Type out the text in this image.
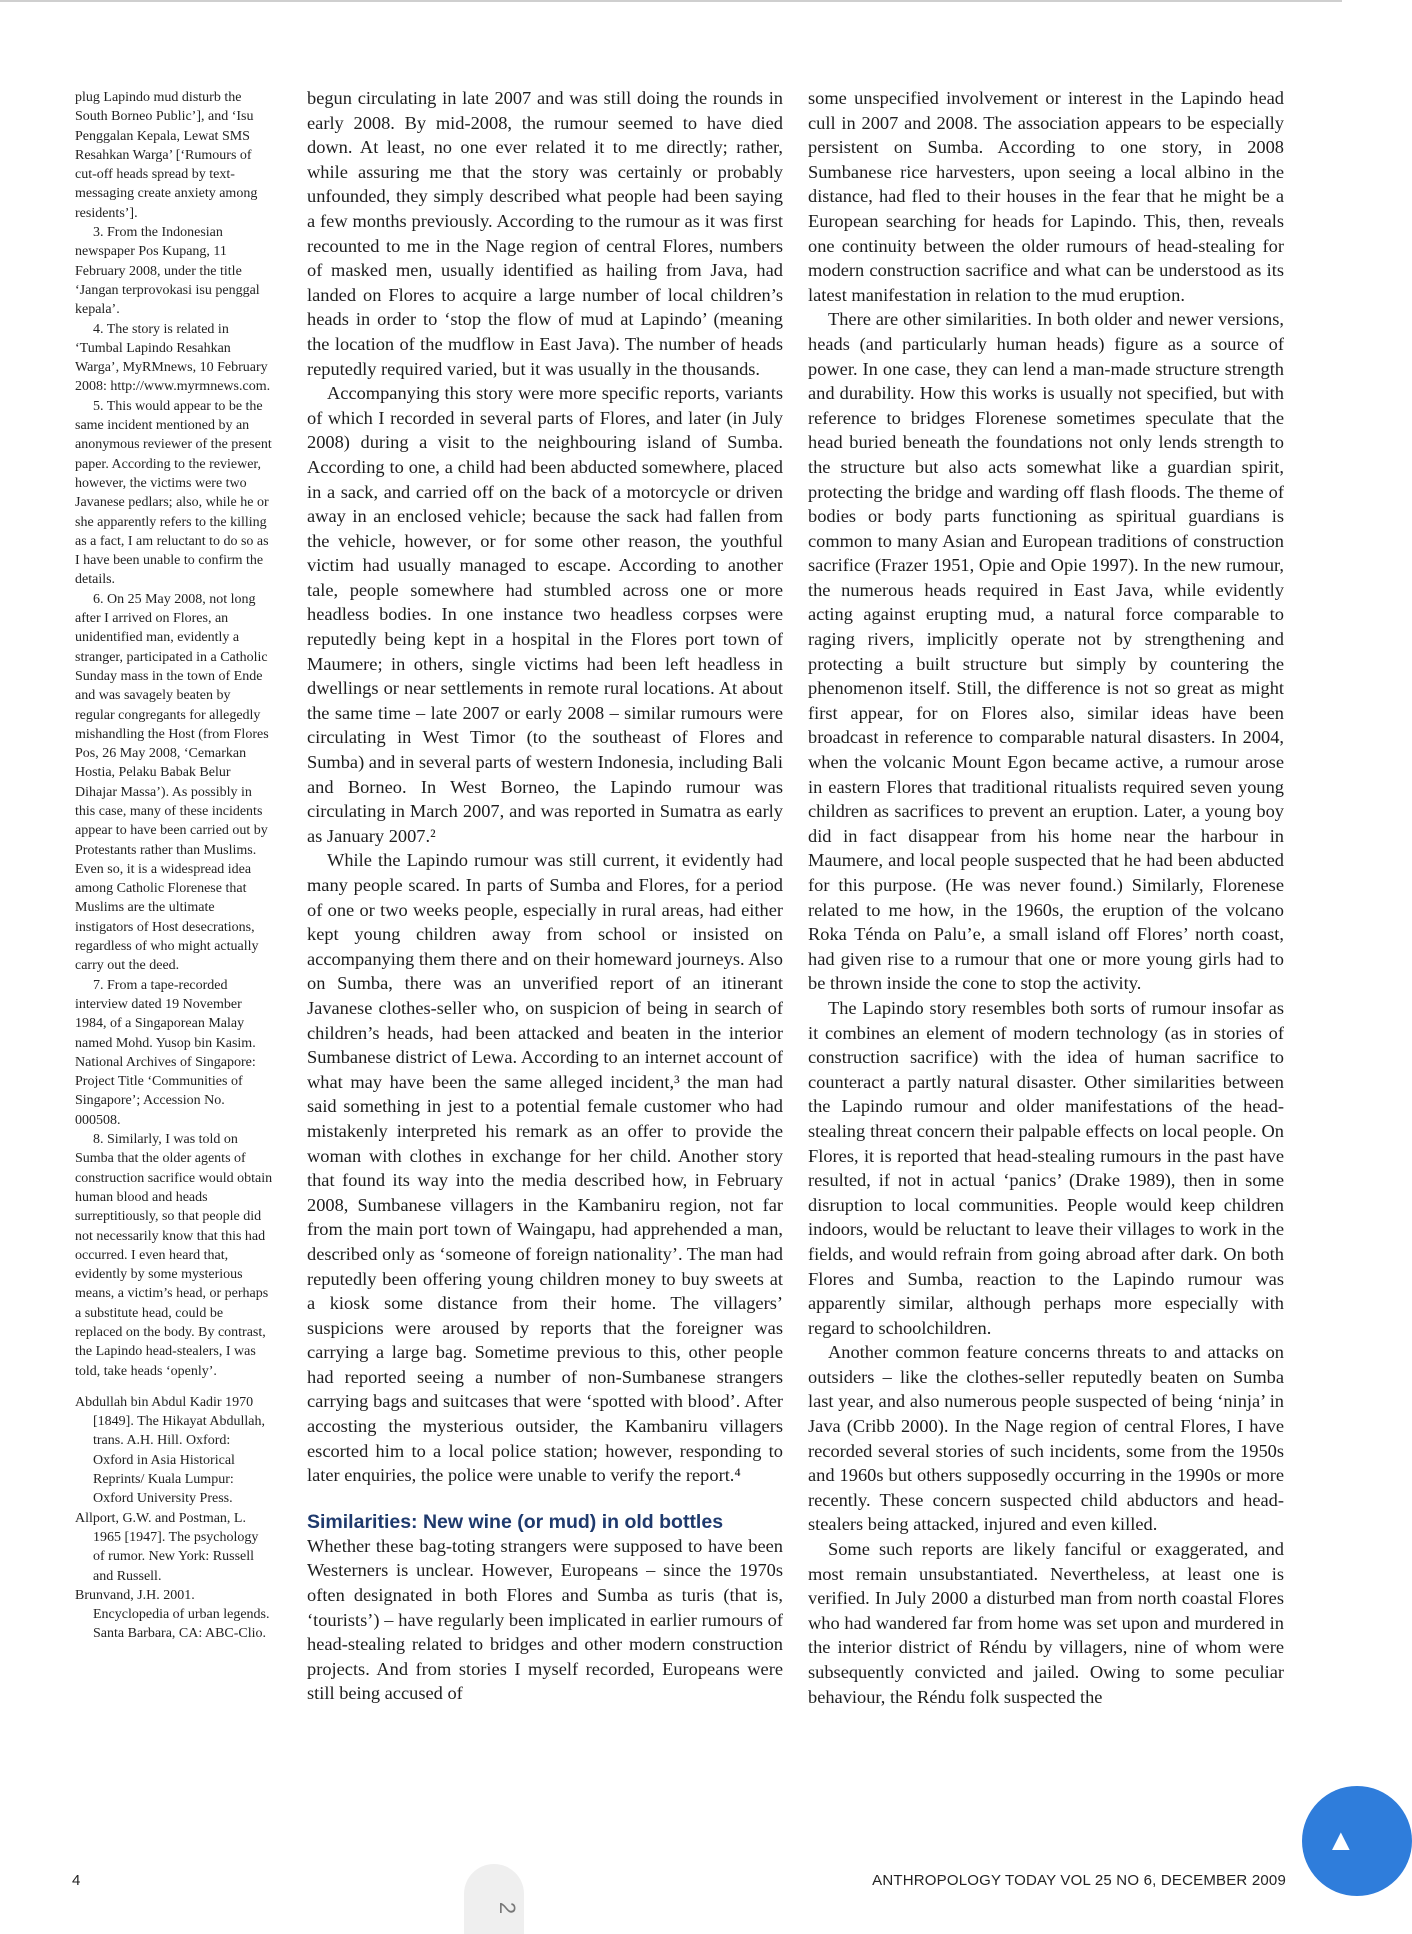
plug Lapindo mud disturb the South Borneo Public’], and ‘Isu Penggalan Kepala, Lewat SMS Resahkan Warga’ [‘Rumours of cut-off heads spread by text-messaging create anxiety among residents’].

3. From the Indonesian newspaper Pos Kupang, 11 February 2008, under the title ‘Jangan terprovokasi isu penggal kepala’.

4. The story is related in ‘Tumbal Lapindo Resahkan Warga’, MyRMnews, 10 February 2008: http://www.myrmnews.com.

5. This would appear to be the same incident mentioned by an anonymous reviewer of the present paper. According to the reviewer, however, the victims were two Javanese pedlars; also, while he or she apparently refers to the killing as a fact, I am reluctant to do so as I have been unable to confirm the details.

6. On 25 May 2008, not long after I arrived on Flores, an unidentified man, evidently a stranger, participated in a Catholic Sunday mass in the town of Ende and was savagely beaten by regular congregants for allegedly mishandling the Host (from Flores Pos, 26 May 2008, ‘Cemarkan Hostia, Pelaku Babak Belur Dihajar Massa’). As possibly in this case, many of these incidents appear to have been carried out by Protestants rather than Muslims. Even so, it is a widespread idea among Catholic Florenese that Muslims are the ultimate instigators of Host desecrations, regardless of who might actually carry out the deed.

7. From a tape-recorded interview dated 19 November 1984, of a Singaporean Malay named Mohd. Yusop bin Kasim. National Archives of Singapore: Project Title ‘Communities of Singapore’; Accession No. 000508.

8. Similarly, I was told on Sumba that the older agents of construction sacrifice would obtain human blood and heads surreptitiously, so that people did not necessarily know that this had occurred. I even heard that, evidently by some mysterious means, a victim’s head, or perhaps a substitute head, could be replaced on the body. By contrast, the Lapindo head-stealers, I was told, take heads ‘openly’.

Abdullah bin Abdul Kadir 1970 [1849]. The Hikayat Abdullah, trans. A.H. Hill. Oxford: Oxford in Asia Historical Reprints/ Kuala Lumpur: Oxford University Press.

Allport, G.W. and Postman, L. 1965 [1947]. The psychology of rumor. New York: Russell and Russell.

Brunvand, J.H. 2001. Encyclopedia of urban legends. Santa Barbara, CA: ABC-Clio.

begun circulating in late 2007 and was still doing the rounds in early 2008. By mid-2008, the rumour seemed to have died down. At least, no one ever related it to me directly; rather, while assuring me that the story was certainly or probably unfounded, they simply described what people had been saying a few months previously. According to the rumour as it was first recounted to me in the Nage region of central Flores, numbers of masked men, usually identified as hailing from Java, had landed on Flores to acquire a large number of local children’s heads in order to ‘stop the flow of mud at Lapindo’ (meaning the location of the mudflow in East Java). The number of heads reputedly required varied, but it was usually in the thousands.

Accompanying this story were more specific reports, variants of which I recorded in several parts of Flores, and later (in July 2008) during a visit to the neighbouring island of Sumba. According to one, a child had been abducted somewhere, placed in a sack, and carried off on the back of a motorcycle or driven away in an enclosed vehicle; because the sack had fallen from the vehicle, however, or for some other reason, the youthful victim had usually managed to escape. According to another tale, people somewhere had stumbled across one or more headless bodies. In one instance two headless corpses were reputedly being kept in a hospital in the Flores port town of Maumere; in others, single victims had been left headless in dwellings or near settlements in remote rural locations. At about the same time – late 2007 or early 2008 – similar rumours were circulating in West Timor (to the southeast of Flores and Sumba) and in several parts of western Indonesia, including Bali and Borneo. In West Borneo, the Lapindo rumour was circulating in March 2007, and was reported in Sumatra as early as January 2007.²

While the Lapindo rumour was still current, it evidently had many people scared. In parts of Sumba and Flores, for a period of one or two weeks people, especially in rural areas, had either kept young children away from school or insisted on accompanying them there and on their homeward journeys. Also on Sumba, there was an unverified report of an itinerant Javanese clothes-seller who, on suspicion of being in search of children’s heads, had been attacked and beaten in the interior Sumbanese district of Lewa. According to an internet account of what may have been the same alleged incident,³ the man had said something in jest to a potential female customer who had mistakenly interpreted his remark as an offer to provide the woman with clothes in exchange for her child. Another story that found its way into the media described how, in February 2008, Sumbanese villagers in the Kambaniru region, not far from the main port town of Waingapu, had apprehended a man, described only as ‘someone of foreign nationality’. The man had reputedly been offering young children money to buy sweets at a kiosk some distance from their home. The villagers’ suspicions were aroused by reports that the foreigner was carrying a large bag. Sometime previous to this, other people had reported seeing a number of non-Sumbanese strangers carrying bags and suitcases that were ‘spotted with blood’. After accosting the mysterious outsider, the Kambaniru villagers escorted him to a local police station; however, responding to later enquiries, the police were unable to verify the report.⁴

Similarities: New wine (or mud) in old bottles

Whether these bag-toting strangers were supposed to have been Westerners is unclear. However, Europeans – since the 1970s often designated in both Flores and Sumba as turis (that is, ‘tourists’) – have regularly been implicated in earlier rumours of head-stealing related to bridges and other modern construction projects. And from stories I myself recorded, Europeans were still being accused of

some unspecified involvement or interest in the Lapindo head cull in 2007 and 2008. The association appears to be especially persistent on Sumba. According to one story, in 2008 Sumbanese rice harvesters, upon seeing a local albino in the distance, had fled to their houses in the fear that he might be a European searching for heads for Lapindo. This, then, reveals one continuity between the older rumours of head-stealing for modern construction sacrifice and what can be understood as its latest manifestation in relation to the mud eruption.

There are other similarities. In both older and newer versions, heads (and particularly human heads) figure as a source of power. In one case, they can lend a man-made structure strength and durability. How this works is usually not specified, but with reference to bridges Florenese sometimes speculate that the head buried beneath the foundations not only lends strength to the structure but also acts somewhat like a guardian spirit, protecting the bridge and warding off flash floods. The theme of bodies or body parts functioning as spiritual guardians is common to many Asian and European traditions of construction sacrifice (Frazer 1951, Opie and Opie 1997). In the new rumour, the numerous heads required in East Java, while evidently acting against erupting mud, a natural force comparable to raging rivers, implicitly operate not by strengthening and protecting a built structure but simply by countering the phenomenon itself. Still, the difference is not so great as might first appear, for on Flores also, similar ideas have been broadcast in reference to comparable natural disasters. In 2004, when the volcanic Mount Egon became active, a rumour arose in eastern Flores that traditional ritualists required seven young children as sacrifices to prevent an eruption. Later, a young boy did in fact disappear from his home near the harbour in Maumere, and local people suspected that he had been abducted for this purpose. (He was never found.) Similarly, Florenese related to me how, in the 1960s, the eruption of the volcano Roka Ténda on Palu’e, a small island off Flores’ north coast, had given rise to a rumour that one or more young girls had to be thrown inside the cone to stop the activity.

The Lapindo story resembles both sorts of rumour insofar as it combines an element of modern technology (as in stories of construction sacrifice) with the idea of human sacrifice to counteract a partly natural disaster. Other similarities between the Lapindo rumour and older manifestations of the head-stealing threat concern their palpable effects on local people. On Flores, it is reported that head-stealing rumours in the past have resulted, if not in actual ‘panics’ (Drake 1989), then in some disruption to local communities. People would keep children indoors, would be reluctant to leave their villages to work in the fields, and would refrain from going abroad after dark. On both Flores and Sumba, reaction to the Lapindo rumour was apparently similar, although perhaps more especially with regard to schoolchildren.

Another common feature concerns threats to and attacks on outsiders – like the clothes-seller reputedly beaten on Sumba last year, and also numerous people suspected of being ‘ninja’ in Java (Cribb 2000). In the Nage region of central Flores, I have recorded several stories of such incidents, some from the 1950s and 1960s but others supposedly occurring in the 1990s or more recently. These concern suspected child abductors and head-stealers being attacked, injured and even killed.

Some such reports are likely fanciful or exaggerated, and most remain unsubstantiated. Nevertheless, at least one is verified. In July 2000 a disturbed man from north coastal Flores who had wandered far from home was set upon and murdered in the interior district of Réndu by villagers, nine of whom were subsequently convicted and jailed. Owing to some peculiar behaviour, the Réndu folk suspected the

4	ANTHROPOLOGY TODAY VOL 25 NO 6, DECEMBER 2009
2
▲
